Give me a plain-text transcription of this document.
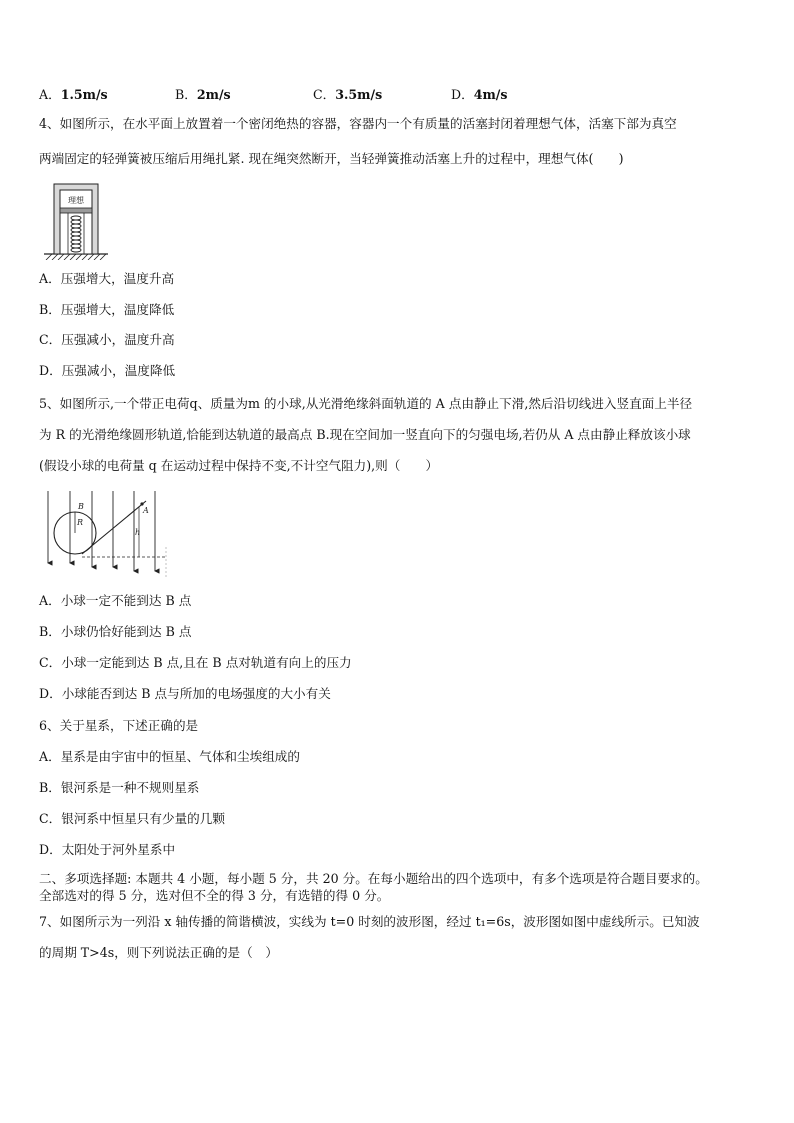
A．1.5m/s	B．2m/s	C．3.5m/s	D．4m/s
4、如图所示，在水平面上放置着一个密闭绝热的容器，容器内一个有质量的活塞封闭着理想气体，活塞下部为真空
两端固定的轻弹簧被压缩后用绳扎紧. 现在绳突然断开，当轻弹簧推动活塞上升的过程中，理想气体(　　)
理想
A．压强增大，温度升高
B．压强增大，温度降低
C．压强减小，温度升高
D．压强减小，温度降低
5、如图所示,一个带正电荷q、质量为m 的小球,从光滑绝缘斜面轨道的 A 点由静止下滑,然后沿切线进入竖直面上半径
为 R 的光滑绝缘圆形轨道,恰能到达轨道的最高点 B.现在空间加一竖直向下的匀强电场,若仍从 A 点由静止释放该小球
(假设小球的电荷量 q 在运动过程中保持不变,不计空气阻力),则（　　）
B
R
A
h
A．小球一定不能到达 B 点
B．小球仍恰好能到达 B 点
C．小球一定能到达 B 点,且在 B 点对轨道有向上的压力
D．小球能否到达 B 点与所加的电场强度的大小有关
6、关于星系，下述正确的是
A．星系是由宇宙中的恒星、气体和尘埃组成的
B．银河系是一种不规则星系
C．银河系中恒星只有少量的几颗
D．太阳处于河外星系中
二、多项选择题: 本题共 4 小题，每小题 5 分，共 20 分。在每小题给出的四个选项中，有多个选项是符合题目要求的。
全部选对的得 5 分，选对但不全的得 3 分，有选错的得 0 分。
7、如图所示为一列沿 x 轴传播的简谐横波，实线为 t=0 时刻的波形图，经过 t₁=6s，波形图如图中虚线所示。已知波
的周期 T>4s，则下列说法正确的是（　）
